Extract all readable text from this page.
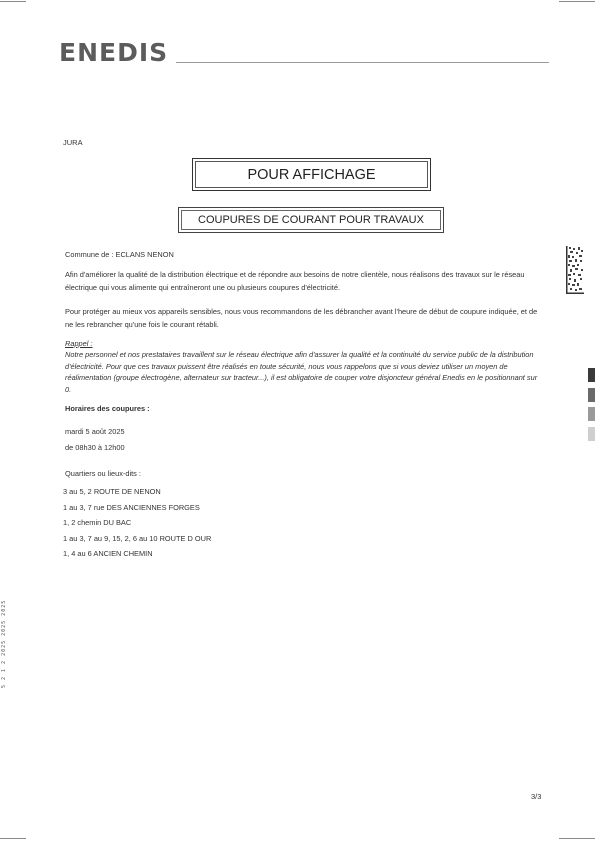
ENEDIS
JURA
POUR AFFICHAGE
COUPURES DE COURANT POUR TRAVAUX
Commune de : ECLANS NENON
Afin d'améliorer la qualité de la distribution électrique et de répondre aux besoins de notre clientèle, nous réalisons des travaux sur le réseau électrique qui vous alimente qui entraîneront une ou plusieurs coupures d'électricité.
Pour protéger au mieux vos appareils sensibles, nous vous recommandons de les débrancher avant l'heure de début de coupure indiquée, et de ne les rebrancher qu'une fois le courant rétabli.
Rappel :
Notre personnel et nos prestataires travaillent sur le réseau électrique afin d'assurer la qualité et la continuité du service public de la distribution d'électricité. Pour que ces travaux puissent être réalisés en toute sécurité, nous vous rappelons que si vous deviez utiliser un moyen de réalimentation (groupe électrogène, alternateur sur tracteur...), il est obligatoire de couper votre disjoncteur général Enedis en le positionnant sur 0.
Horaires des coupures :
mardi 5 août 2025
de 08h30 à 12h00
Quartiers ou lieux-dits :
3 au 5, 2 ROUTE DE NENON
1 au 3, 7 rue DES ANCIENNES FORGES
1, 2 chemin DU BAC
1 au 3, 7 au 9, 15, 2, 6 au 10 ROUTE D OUR
1, 4 au 6 ANCIEN CHEMIN
3/3
5 2 1 2 2025 2025 2025
